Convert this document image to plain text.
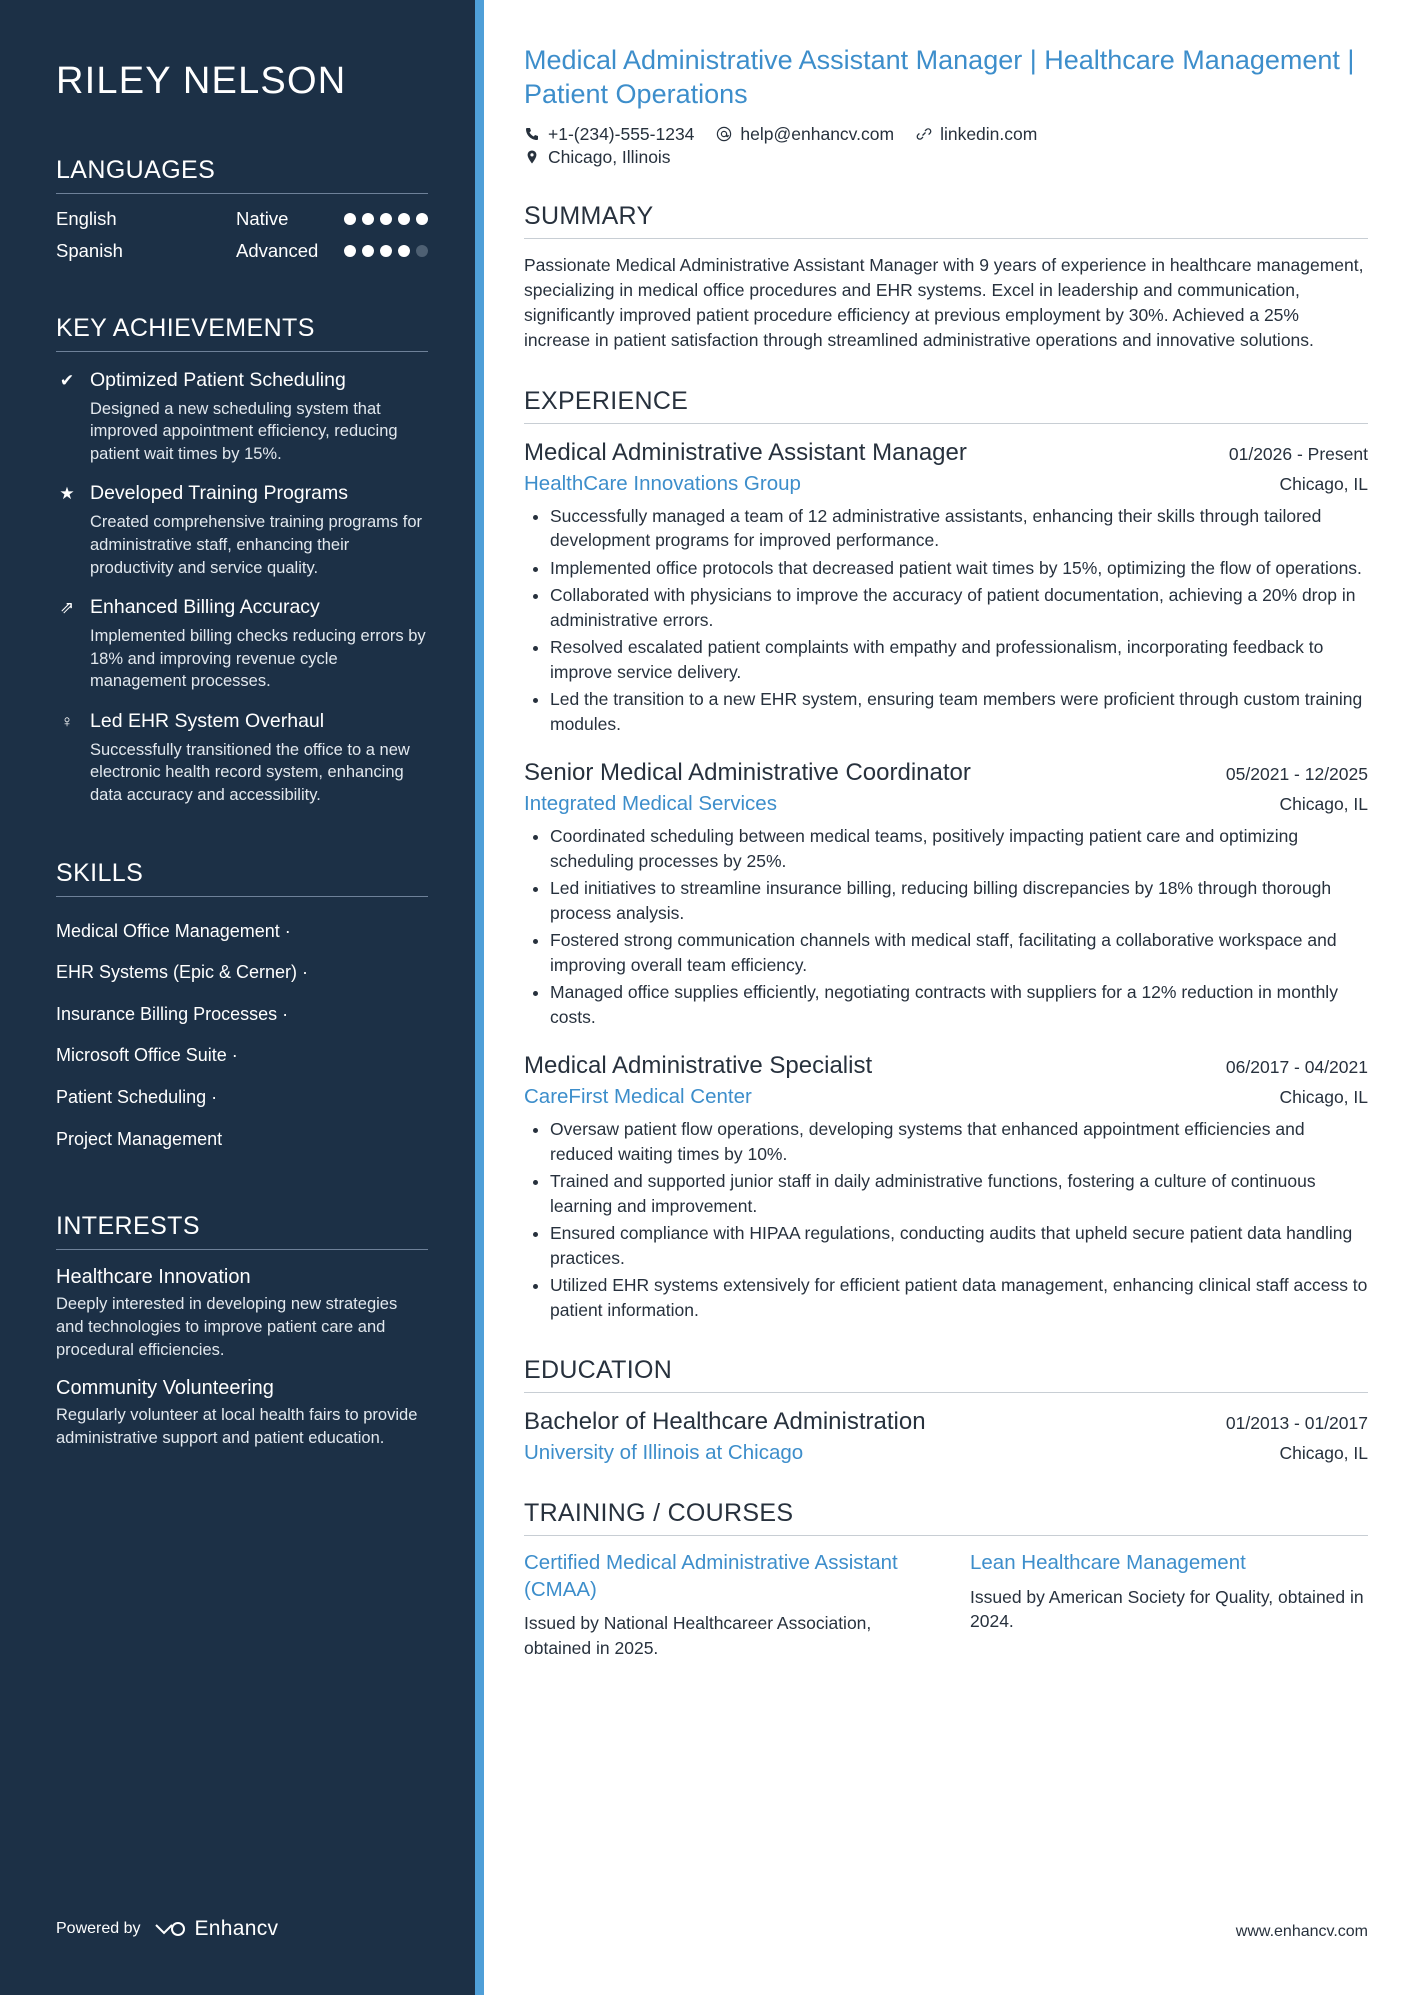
RILEY NELSON
LANGUAGES
English	Native
Spanish	Advanced
KEY ACHIEVEMENTS
✔ Optimized Patient Scheduling
Designed a new scheduling system that improved appointment efficiency, reducing patient wait times by 15%.
★ Developed Training Programs
Created comprehensive training programs for administrative staff, enhancing their productivity and service quality.
⇗ Enhanced Billing Accuracy
Implemented billing checks reducing errors by 18% and improving revenue cycle management processes.
♀ Led EHR System Overhaul
Successfully transitioned the office to a new electronic health record system, enhancing data accuracy and accessibility.
SKILLS
Medical Office Management ·
EHR Systems (Epic & Cerner) ·
Insurance Billing Processes ·
Microsoft Office Suite ·
Patient Scheduling ·
Project Management
INTERESTS
Healthcare Innovation
Deeply interested in developing new strategies and technologies to improve patient care and procedural efficiencies.
Community Volunteering
Regularly volunteer at local health fairs to provide administrative support and patient education.
Powered by	Enhancv
Medical Administrative Assistant Manager | Healthcare Management | Patient Operations
+1-(234)-555-1234	help@enhancv.com	linkedin.com
Chicago, Illinois
SUMMARY

Passionate Medical Administrative Assistant Manager with 9 years of experience in healthcare management, specializing in medical office procedures and EHR systems. Excel in leadership and communication, significantly improved patient procedure efficiency at previous employment by 30%. Achieved a 25% increase in patient satisfaction through streamlined administrative operations and innovative solutions.

EXPERIENCE
Medical Administrative Assistant Manager	01/2026 - Present
HealthCare Innovations Group	Chicago, IL
• Successfully managed a team of 12 administrative assistants, enhancing their skills through tailored development programs for improved performance.
• Implemented office protocols that decreased patient wait times by 15%, optimizing the flow of operations.
• Collaborated with physicians to improve the accuracy of patient documentation, achieving a 20% drop in administrative errors.
• Resolved escalated patient complaints with empathy and professionalism, incorporating feedback to improve service delivery.
• Led the transition to a new EHR system, ensuring team members were proficient through custom training modules.
Senior Medical Administrative Coordinator	05/2021 - 12/2025
Integrated Medical Services	Chicago, IL
• Coordinated scheduling between medical teams, positively impacting patient care and optimizing scheduling processes by 25%.
• Led initiatives to streamline insurance billing, reducing billing discrepancies by 18% through thorough process analysis.
• Fostered strong communication channels with medical staff, facilitating a collaborative workspace and improving overall team efficiency.
• Managed office supplies efficiently, negotiating contracts with suppliers for a 12% reduction in monthly costs.
Medical Administrative Specialist	06/2017 - 04/2021
CareFirst Medical Center	Chicago, IL
• Oversaw patient flow operations, developing systems that enhanced appointment efficiencies and reduced waiting times by 10%.
• Trained and supported junior staff in daily administrative functions, fostering a culture of continuous learning and improvement.
• Ensured compliance with HIPAA regulations, conducting audits that upheld secure patient data handling practices.
• Utilized EHR systems extensively for efficient patient data management, enhancing clinical staff access to patient information.
EDUCATION
Bachelor of Healthcare Administration	01/2013 - 01/2017
University of Illinois at Chicago	Chicago, IL
TRAINING / COURSES
Certified Medical Administrative Assistant (CMAA)
Issued by National Healthcareer Association, obtained in 2025.
Lean Healthcare Management
Issued by American Society for Quality, obtained in 2024.
www.enhancv.com
